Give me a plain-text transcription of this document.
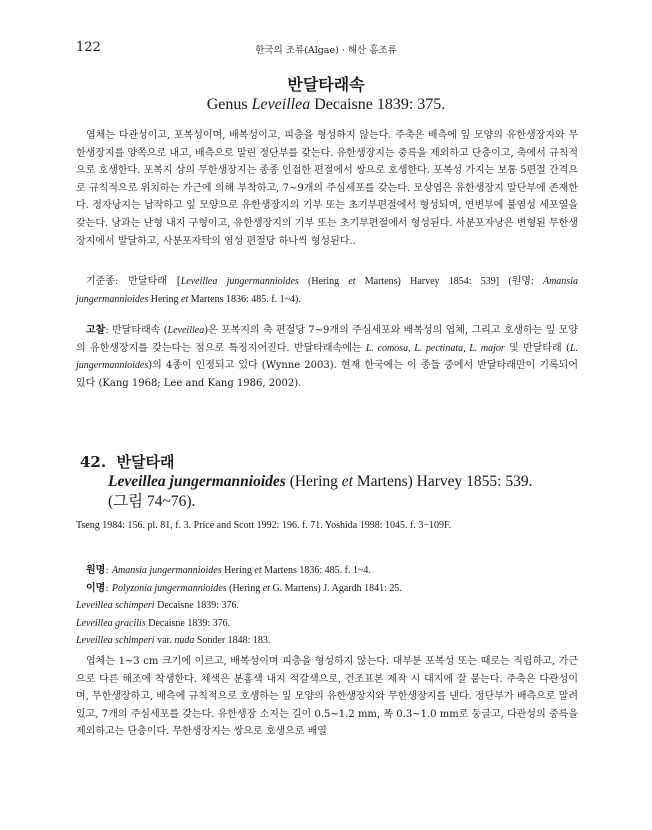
122	한국의 조류(Algae) · 해산 홍조류
반달타래속
Genus Leveillea Decaisne 1839: 375.

엽체는 다관성이고, 포복성이며, 배복성이고, 피층을 형성하지 않는다. 주축은 배측에 잎 모양의 유한생장지와 무한생장지를 양쪽으로 내고, 배측으로 말린 정단부를 갖는다. 유한생장지는 중륵을 제외하고 단층이고, 축에서 규칙적으로 호생한다. 포복지 상의 무한생장지는 종종 인접한 편절에서 쌍으로 호생한다. 포복성 가지는 보통 5편절 간격으로 규칙적으로 위치하는 가근에 의해 부착하고, 7~9개의 주심세포를 갖는다. 모상엽은 유한생장지 말단부에 존재한다. 정자낭지는 납작하고 잎 모양으로 유한생장지의 기부 또는 초기부편절에서 형성되며, 연변부에 불염성 세포열을 갖는다. 낭과는 난형 내지 구형이고, 유한생장지의 기부 또는 초기부편절에서 형성된다. 사분포자낭은 변형된 무한생장지에서 발달하고, 사분포자탁의 염성 편절당 하나씩 형성된다..

기준종: 반달타래 [Leveillea jungermannioides (Hering et Martens) Harvey 1854: 539] (원명: Amansia jungermannioides Hering et Martens 1836: 485. f. 1~4).

고찰: 반달타래속 (Leveillea)은 포복지의 축 편절당 7~9개의 주심세포와 배복성의 엽체, 그리고 호생하는 잎 모양의 유한생장지를 갖는다는 점으로 특징지어진다. 반달타래속에는 L. comosa, L. pectinata, L. major 및 반달타래 (L. jungermannioides)의 4종이 인정되고 있다 (Wynne 2003). 현재 한국에는 이 종들 중에서 반달타래만이 기록되어 있다 (Kang 1968; Lee and Kang 1986, 2002).

42. 반달타래
Leveillea jungermannioides (Hering et Martens) Harvey 1855: 539.
(그림 74~76).

Tseng 1984: 156. pl. 81, f. 3. Price and Scott 1992: 196. f. 71. Yoshida 1998: 1045. f. 3−109F.

원명: Amansia jungermannioides Hering et Martens 1836: 485. f. 1~4.
이명: Polyzonia jungermannioides (Hering et G. Martens) J. Agardh 1841: 25.
Leveillea schimperi Decaisne 1839: 376.
Leveillea gracilis Decaisne 1839: 376.
Leveillea schimperi var. nuda Sonder 1848: 183.

엽체는 1~3 cm 크기에 이르고, 배복성이며 피층을 형성하지 않는다. 대부분 포복성 또는 때로는 직립하고, 가근으로 다른 해조에 착생한다. 체색은 분홍색 내지 적갈색으로, 건조표본 제작 시 대지에 잘 붙는다. 주축은 다관성이며, 무한생장하고, 배측에 규칙적으로 호생하는 잎 모양의 유한생장지와 무한생장지를 낸다. 정단부가 배측으로 말려있고, 7개의 주심세포를 갖는다. 유한생장 소지는 길이 0.5~1.2 mm, 폭 0.3~1.0 mm로 둥글고, 다관성의 중륵을 제외하고는 단층이다. 무한생장지는 쌍으로 호생으로 배열
